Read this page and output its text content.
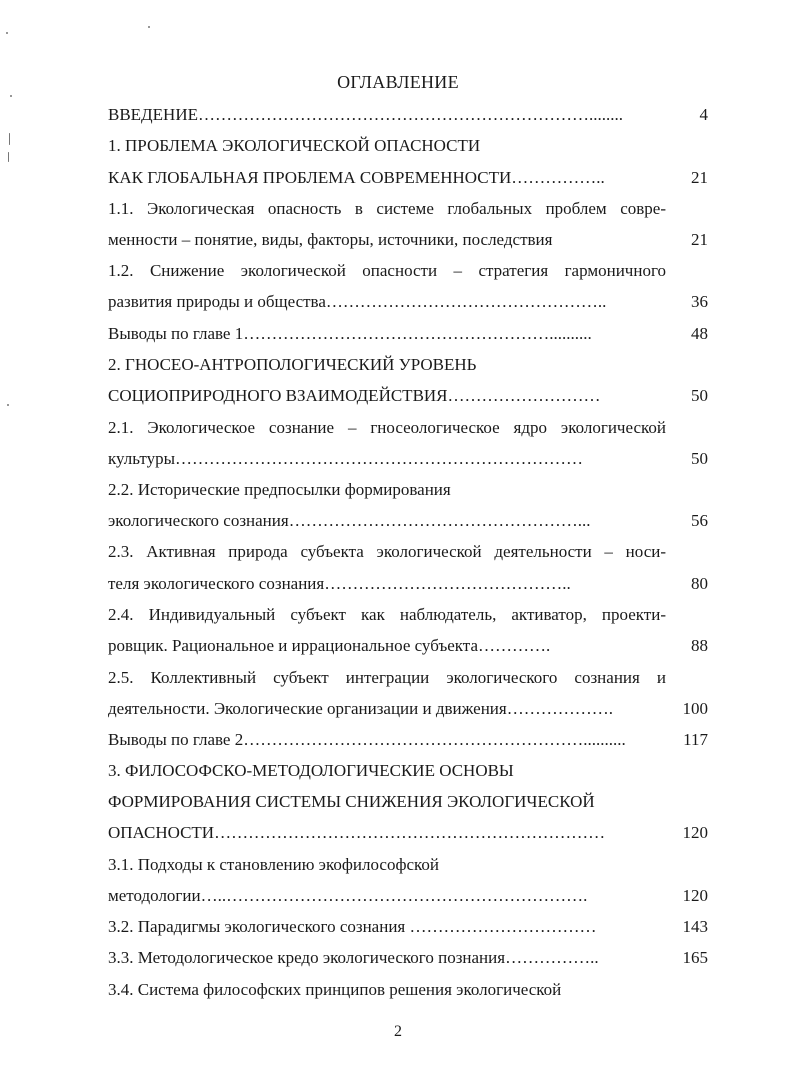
ОГЛАВЛЕНИЕ
ВВЕДЕНИЕ……………………………………………………………........	4
1. ПРОБЛЕМА ЭКОЛОГИЧЕСКОЙ ОПАСНОСТИ
КАК ГЛОБАЛЬНАЯ ПРОБЛЕМА СОВРЕМЕННОСТИ……………..	21
1.1. Экологическая опасность в системе глобальных проблем совре-
менности – понятие, виды, факторы, источники, последствия	21
1.2. Снижение экологической опасности – стратегия гармоничного
развития природы и общества…………………………………………..	36
Выводы по главе 1………………………………………………..........	48
2. ГНОСЕО-АНТРОПОЛОГИЧЕСКИЙ УРОВЕНЬ
СОЦИОПРИРОДНОГО ВЗАИМОДЕЙСТВИЯ………………………	50
2.1. Экологическое сознание – гносеологическое ядро экологической
культуры………………………………………………………………	50
2.2. Исторические предпосылки формирования
экологического сознания……………………………………………...	56
2.3. Активная природа субъекта экологической деятельности – носи-
теля экологического сознания……………………………………..	80
2.4. Индивидуальный субъект как наблюдатель, активатор, проекти-
ровщик. Рациональное и иррациональное субъекта………….	88
2.5. Коллективный субъект интеграции экологического сознания и
деятельности. Экологические организации и движения……………….	100
Выводы по главе 2……………………………………………………..........	117
3. ФИЛОСОФСКО-МЕТОДОЛОГИЧЕСКИЕ ОСНОВЫ
ФОРМИРОВАНИЯ СИСТЕМЫ СНИЖЕНИЯ ЭКОЛОГИЧЕСКОЙ
ОПАСНОСТИ……………………………………………………………	120
3.1. Подходы к становлению экофилософской
методологии…..……………………………………………………….	120
3.2. Парадигмы экологического сознания ……………………………	143
3.3. Методологическое кредо экологического познания……………..	165
3.4. Система философских принципов решения экологической
2
